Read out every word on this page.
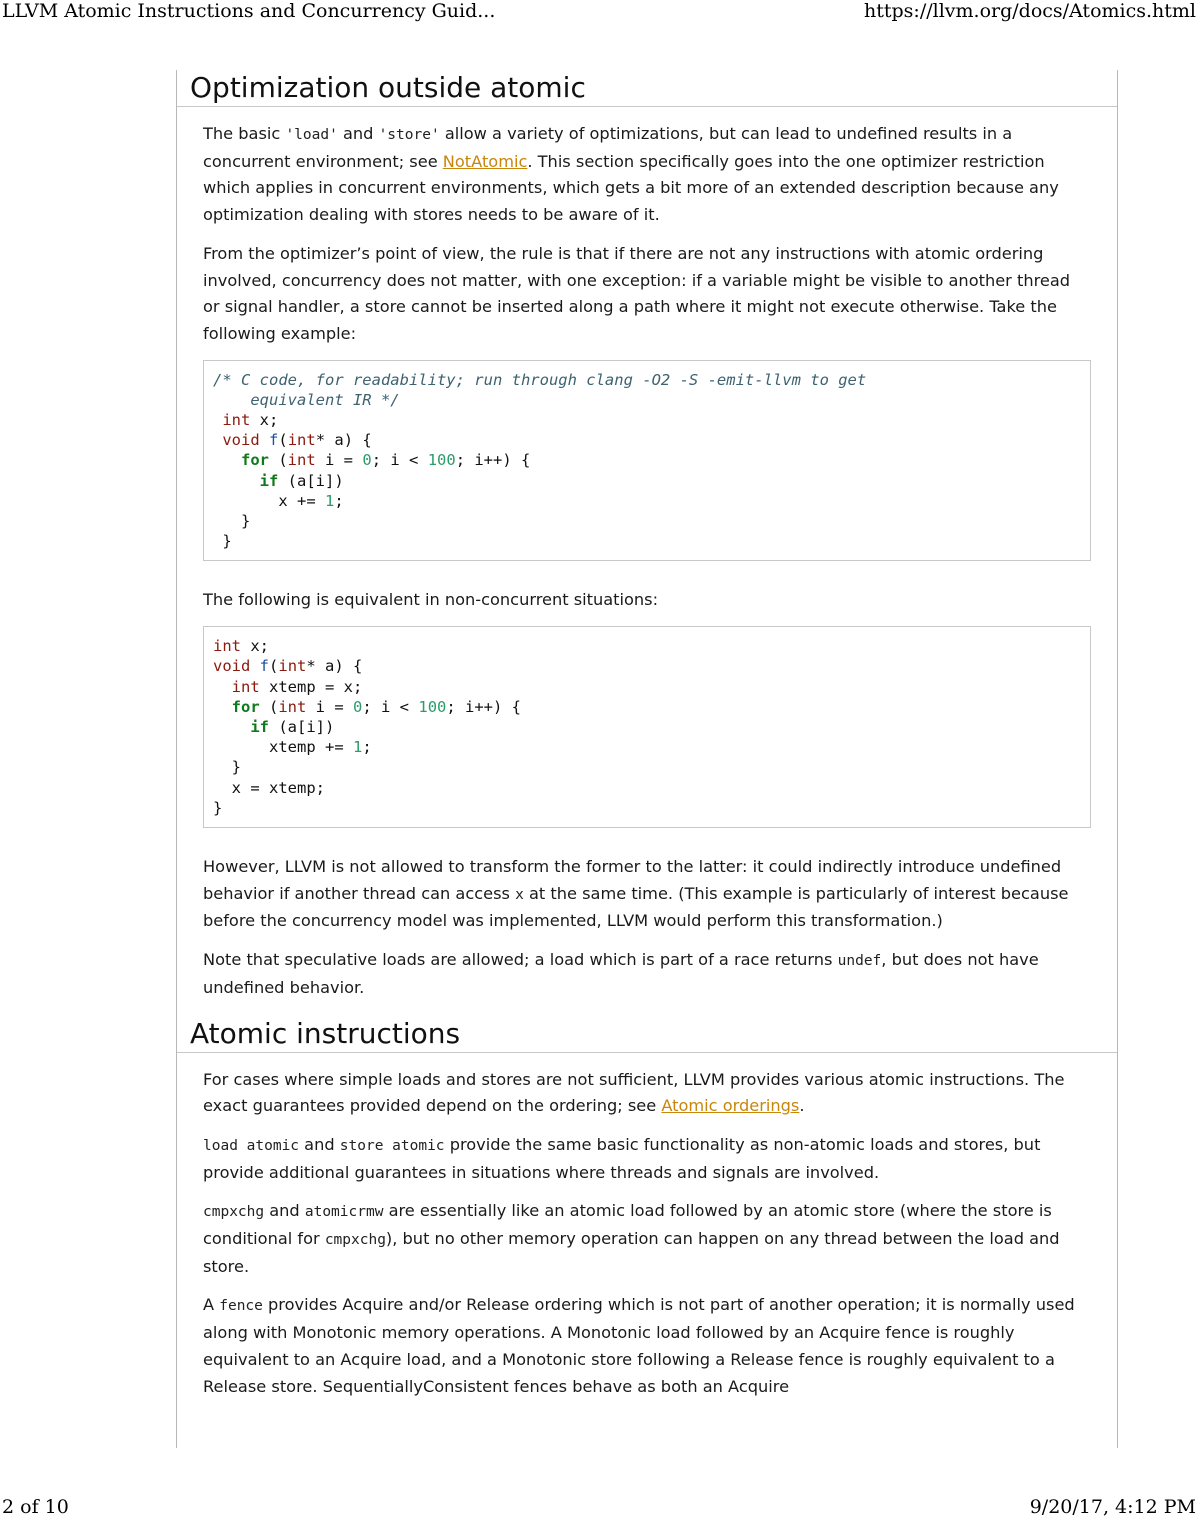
LLVM Atomic Instructions and Concurrency Guid...	https://llvm.org/docs/Atomics.html
Optimization outside atomic

The basic 'load' and 'store' allow a variety of optimizations, but can lead to undefined results in a concurrent environment; see NotAtomic. This section specifically goes into the one optimizer restriction which applies in concurrent environments, which gets a bit more of an extended description because any optimization dealing with stores needs to be aware of it.

From the optimizer’s point of view, the rule is that if there are not any instructions with atomic ordering involved, concurrency does not matter, with one exception: if a variable might be visible to another thread or signal handler, a store cannot be inserted along a path where it might not execute otherwise. Take the following example:

/* C code, for readability; run through clang -O2 -S -emit-llvm to get
equivalent IR */
int x;
void f(int* a) {
for (int i = 0; i < 100; i++) {
if (a[i])
x += 1;
}
}

The following is equivalent in non-concurrent situations:

int x;
void f(int* a) {
int xtemp = x;
for (int i = 0; i < 100; i++) {
if (a[i])
xtemp += 1;
}
x = xtemp;
}

However, LLVM is not allowed to transform the former to the latter: it could indirectly introduce undefined behavior if another thread can access x at the same time. (This example is particularly of interest because before the concurrency model was implemented, LLVM would perform this transformation.)

Note that speculative loads are allowed; a load which is part of a race returns undef, but does not have undefined behavior.

Atomic instructions

For cases where simple loads and stores are not sufficient, LLVM provides various atomic instructions. The exact guarantees provided depend on the ordering; see Atomic orderings.

load atomic and store atomic provide the same basic functionality as non-atomic loads and stores, but provide additional guarantees in situations where threads and signals are involved.

cmpxchg and atomicrmw are essentially like an atomic load followed by an atomic store (where the store is conditional for cmpxchg), but no other memory operation can happen on any thread between the load and store.

A fence provides Acquire and/or Release ordering which is not part of another operation; it is normally used along with Monotonic memory operations. A Monotonic load followed by an Acquire fence is roughly equivalent to an Acquire load, and a Monotonic store following a Release fence is roughly equivalent to a Release store. SequentiallyConsistent fences behave as both an Acquire

2 of 10	9/20/17, 4:12 PM
